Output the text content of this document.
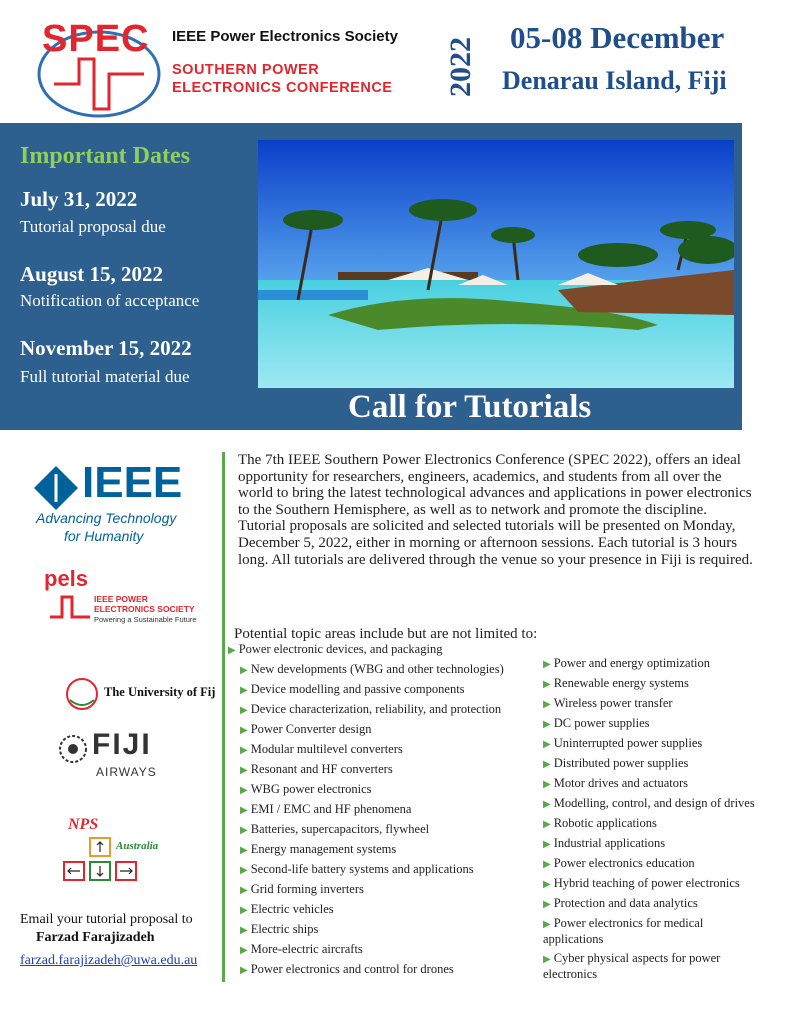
SPEC IEEE Power Electronics Society
SOUTHERN POWER
ELECTRONICS CONFERENCE 2022 05-08 December
Denarau Island, Fiji
Important Dates
July 31, 2022
Tutorial proposal due
August 15, 2022
Notification of acceptance
November 15, 2022
Full tutorial material due
Call for Tutorials
IEEE
Advancing Technology
for Humanity
pels
IEEE POWER
ELECTRONICS SOCIETY
Powering a Sustainable Future
The University of Fij
FIJI
AIRWAYS
NPS
Australia
Email your tutorial proposal to
Farzad Farajizadeh
farzad.farajizadeh@uwa.edu.au

The 7th IEEE Southern Power Electronics Conference (SPEC 2022), offers an ideal opportunity for researchers, engineers, academics, and students from all over the world to bring the latest technological advances and applications in power electronics to the Southern Hemisphere, as well as to network and promote the discipline.

Tutorial proposals are solicited and selected tutorials will be presented on Monday, December 5, 2022, either in morning or afternoon sessions. Each tutorial is 3 hours long. All tutorials are delivered through the venue so your presence in Fiji is required.

Potential topic areas include but are not limited to:
▶ Power electronic devices, and packaging
▶ New developments (WBG and other technologies)
▶ Device modelling and passive components
▶ Device characterization, reliability, and protection
▶ Power Converter design
▶ Modular multilevel converters
▶ Resonant and HF converters
▶ WBG power electronics
▶ EMI / EMC and HF phenomena
▶ Batteries, supercapacitors, flywheel
▶ Energy management systems
▶ Second-life battery systems and applications
▶ Grid forming inverters
▶ Electric vehicles
▶ Electric ships
▶ More-electric aircrafts
▶ Power electronics and control for drones
▶ Power and energy optimization
▶ Renewable energy systems
▶ Wireless power transfer
▶ DC power supplies
▶ Uninterrupted power supplies
▶ Distributed power supplies
▶ Motor drives and actuators
▶ Modelling, control, and design of drives
▶ Robotic applications
▶ Industrial applications
▶ Power electronics education
▶ Hybrid teaching of power electronics
▶ Protection and data analytics
▶ Power electronics for medical applications
▶ Cyber physical aspects for power electronics
